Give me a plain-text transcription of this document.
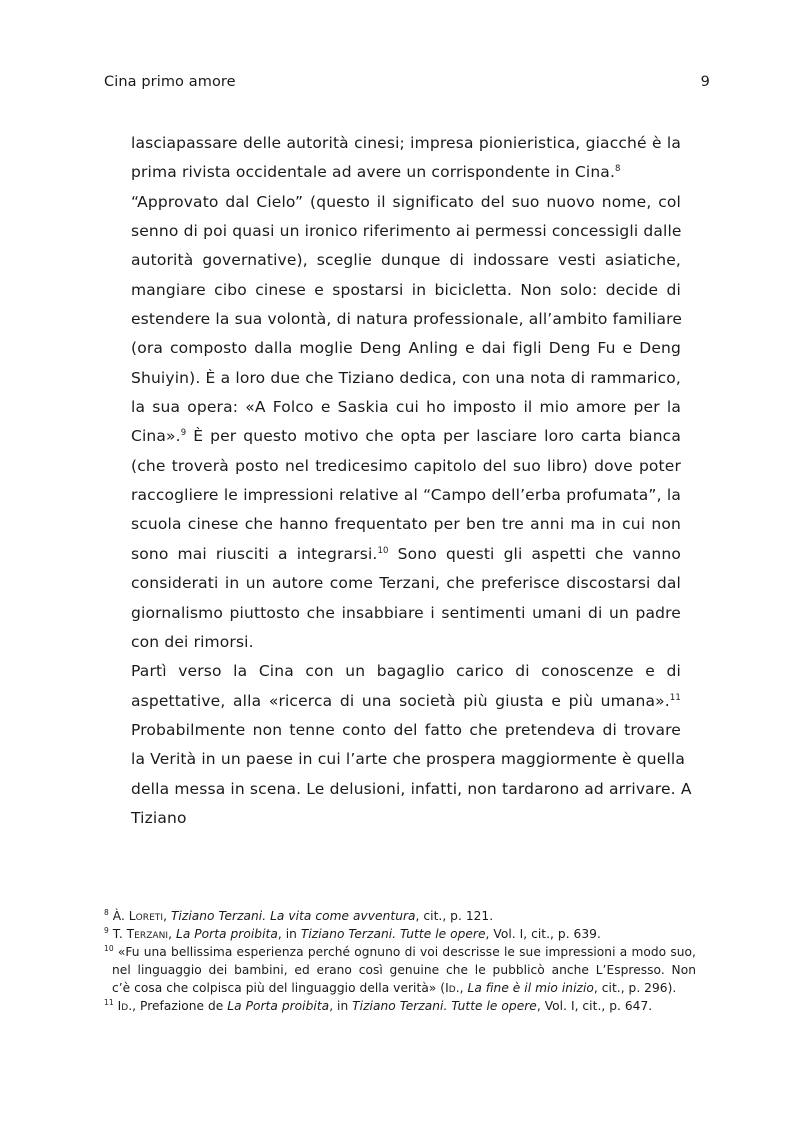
Cina primo amore	9
lasciapassare delle autorità cinesi; impresa pionieristica, giacché è la
prima rivista occidentale ad avere un corrispondente in Cina.$^8$
“Approvato dal Cielo” (questo il significato del suo nuovo nome, col
senno di poi quasi un ironico riferimento ai permessi concessigli dalle
autorità governative), sceglie dunque di indossare vesti asiatiche,
mangiare cibo cinese e spostarsi in bicicletta. Non solo: decide di
estendere la sua volontà, di natura professionale, all’ambito familiare
(ora composto dalla moglie Deng Anling e dai figli Deng Fu e Deng
Shuiyin). È a loro due che Tiziano dedica, con una nota di rammarico,
la sua opera: «A Folco e Saskia cui ho imposto il mio amore per la
Cina».$^9$ È per questo motivo che opta per lasciare loro carta bianca
(che troverà posto nel tredicesimo capitolo del suo libro) dove poter
raccogliere le impressioni relative al “Campo dell’erba profumata”, la
scuola cinese che hanno frequentato per ben tre anni ma in cui non
sono mai riusciti a integrarsi.$^{10}$ Sono questi gli aspetti che vanno
considerati in un autore come Terzani, che preferisce discostarsi dal
giornalismo piuttosto che insabbiare i sentimenti umani di un padre
con dei rimorsi.
Partì verso la Cina con un bagaglio carico di conoscenze e di
aspettative, alla «ricerca di una società più giusta e più umana».$^{11}$
Probabilmente non tenne conto del fatto che pretendeva di trovare
la Verità in un paese in cui l’arte che prospera maggiormente è quella
della messa in scena. Le delusioni, infatti, non tardarono ad arrivare. A
Tiziano
$^8$ À. Loreti, Tiziano Terzani. La vita come avventura, cit., p. 121.
$^9$ T. Terzani, La Porta proibita, in Tiziano Terzani. Tutte le opere, Vol. I, cit., p. 639.
$^{10}$ «Fu una bellissima esperienza perché ognuno di voi descrisse le sue impressioni a modo suo,
nel linguaggio dei bambini, ed erano così genuine che le pubblicò anche L’Espresso. Non
c’è cosa che colpisca più del linguaggio della verità» (Id., La fine è il mio inizio, cit., p. 296).
$^{11}$ Id., Prefazione de La Porta proibita, in Tiziano Terzani. Tutte le opere, Vol. I, cit., p. 647.
